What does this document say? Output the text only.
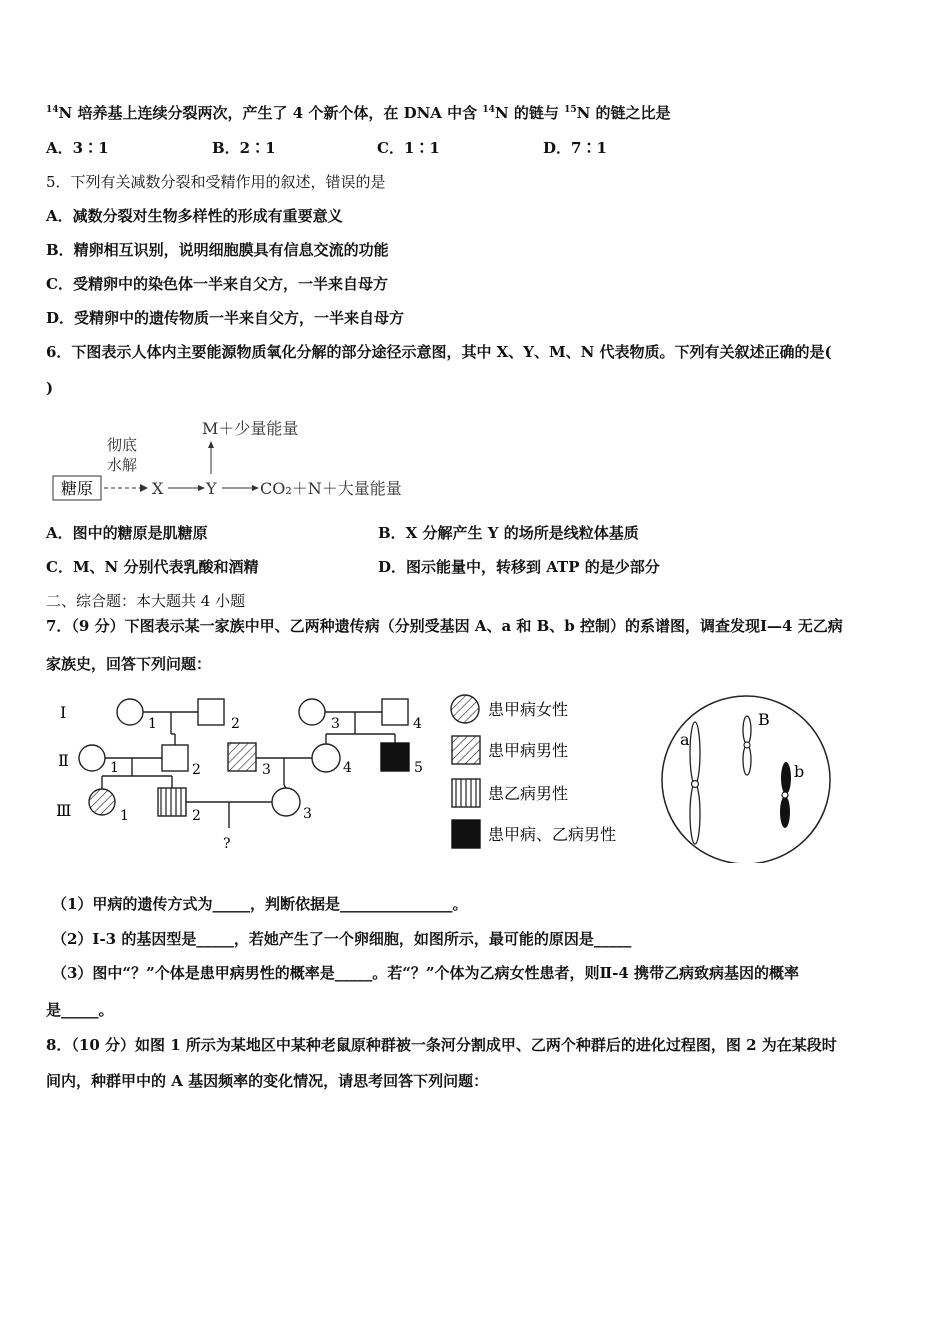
$^{14}$N 培养基上连续分裂两次，产生了 4 个新个体，在 DNA 中含 $^{14}$N 的链与 $^{15}$N 的链之比是
A．3∶1	B．2∶1	C．1∶1	D．7∶1
5．下列有关减数分裂和受精作用的叙述，错误的是
A．减数分裂对生物多样性的形成有重要意义
B．精卵相互识别，说明细胞膜具有信息交流的功能
C．受精卵中的染色体一半来自父方，一半来自母方
D．受精卵中的遗传物质一半来自父方，一半来自母方
6．下图表示人体内主要能源物质氧化分解的部分途径示意图，其中 X、Y、M、N 代表物质。下列有关叙述正确的是(
)
糖原
彻底
水解
X	Y
M＋少量能量
CO₂＋N＋大量能量
A．图中的糖原是肌糖原	B．X 分解产生 Y 的场所是线粒体基质
C．M、N 分别代表乳酸和酒精	D．图示能量中，转移到 ATP 的是少部分
二、综合题：本大题共 4 小题
7．（9 分）下图表示某一家族中甲、乙两种遗传病（分别受基因 A、a 和 B、b 控制）的系谱图，调查发现Ⅰ—4 无乙病
家族史，回答下列问题：
Ⅰ
Ⅱ
Ⅲ
1	2	3	4
1	2	3	4	5
1	2	3
?
患甲病女性
患甲病男性
患乙病男性
患甲病、乙病男性
a
B
b
（1）甲病的遗传方式为_____，判断依据是_______________。
（2）Ⅰ-3 的基因型是_____，若她产生了一个卵细胞，如图所示，最可能的原因是_____
（3）图中“？”个体是患甲病男性的概率是_____。若“？”个体为乙病女性患者，则Ⅱ-4 携带乙病致病基因的概率
是_____。
8．（10 分）如图 1 所示为某地区中某种老鼠原种群被一条河分割成甲、乙两个种群后的进化过程图，图 2 为在某段时
间内，种群甲中的 A 基因频率的变化情况，请思考回答下列问题：
